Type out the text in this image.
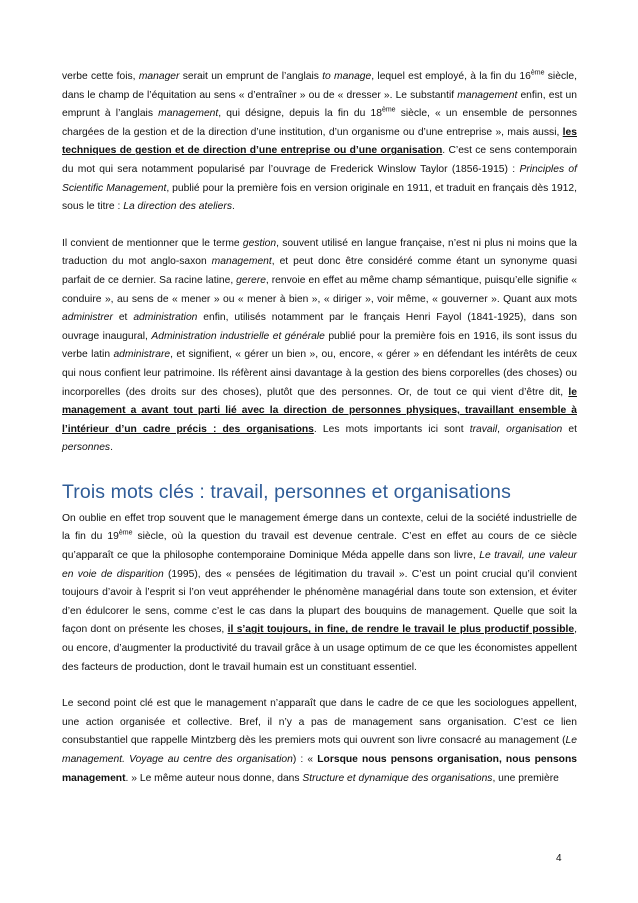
verbe cette fois, manager serait un emprunt de l’anglais to manage, lequel est employé, à la fin du 16ème siècle, dans le champ de l’équitation au sens « d’entraîner » ou de « dresser ». Le substantif management enfin, est un emprunt à l’anglais management, qui désigne, depuis la fin du 18ème siècle, « un ensemble de personnes chargées de la gestion et de la direction d’une institution, d’un organisme ou d’une entreprise », mais aussi, les techniques de gestion et de direction d’une entreprise ou d’une organisation. C’est ce sens contemporain du mot qui sera notamment popularisé par l’ouvrage de Frederick Winslow Taylor (1856-1915) : Principles of Scientific Management, publié pour la première fois en version originale en 1911, et traduit en français dès 1912, sous le titre : La direction des ateliers.

Il convient de mentionner que le terme gestion, souvent utilisé en langue française, n’est ni plus ni moins que la traduction du mot anglo-saxon management, et peut donc être considéré comme étant un synonyme quasi parfait de ce dernier. Sa racine latine, gerere, renvoie en effet au même champ sémantique, puisqu’elle signifie « conduire », au sens de « mener » ou « mener à bien », « diriger », voir même, « gouverner ». Quant aux mots administrer et administration enfin, utilisés notamment par le français Henri Fayol (1841-1925), dans son ouvrage inaugural, Administration industrielle et générale publié pour la première fois en 1916, ils sont issus du verbe latin administrare, et signifient, « gérer un bien », ou, encore, « gérer » en défendant les intérêts de ceux qui nous confient leur patrimoine. Ils réfèrent ainsi davantage à la gestion des biens corporelles (des choses) ou incorporelles (des droits sur des choses), plutôt que des personnes. Or, de tout ce qui vient d’être dit, le management a avant tout parti lié avec la direction de personnes physiques, travaillant ensemble à l’intérieur d’un cadre précis : des organisations. Les mots importants ici sont travail, organisation et personnes.

Trois mots clés : travail, personnes et organisations

On oublie en effet trop souvent que le management émerge dans un contexte, celui de la société industrielle de la fin du 19ème siècle, où la question du travail est devenue centrale. C’est en effet au cours de ce siècle qu’apparaît ce que la philosophe contemporaine Dominique Méda appelle dans son livre, Le travail, une valeur en voie de disparition (1995), des « pensées de légitimation du travail ». C’est un point crucial qu’il convient toujours d’avoir à l’esprit si l’on veut appréhender le phénomène managérial dans toute son extension, et éviter d’en édulcorer le sens, comme c’est le cas dans la plupart des bouquins de management. Quelle que soit la façon dont on présente les choses, il s’agit toujours, in fine, de rendre le travail le plus productif possible, ou encore, d’augmenter la productivité du travail grâce à un usage optimum de ce que les économistes appellent des facteurs de production, dont le travail humain est un constituant essentiel.

Le second point clé est que le management n’apparaît que dans le cadre de ce que les sociologues appellent, une action organisée et collective. Bref, il n’y a pas de management sans organisation. C’est ce lien consubstantiel que rappelle Mintzberg dès les premiers mots qui ouvrent son livre consacré au management (Le management. Voyage au centre des organisation) : « Lorsque nous pensons organisation, nous pensons management. » Le même auteur nous donne, dans Structure et dynamique des organisations, une première

4
